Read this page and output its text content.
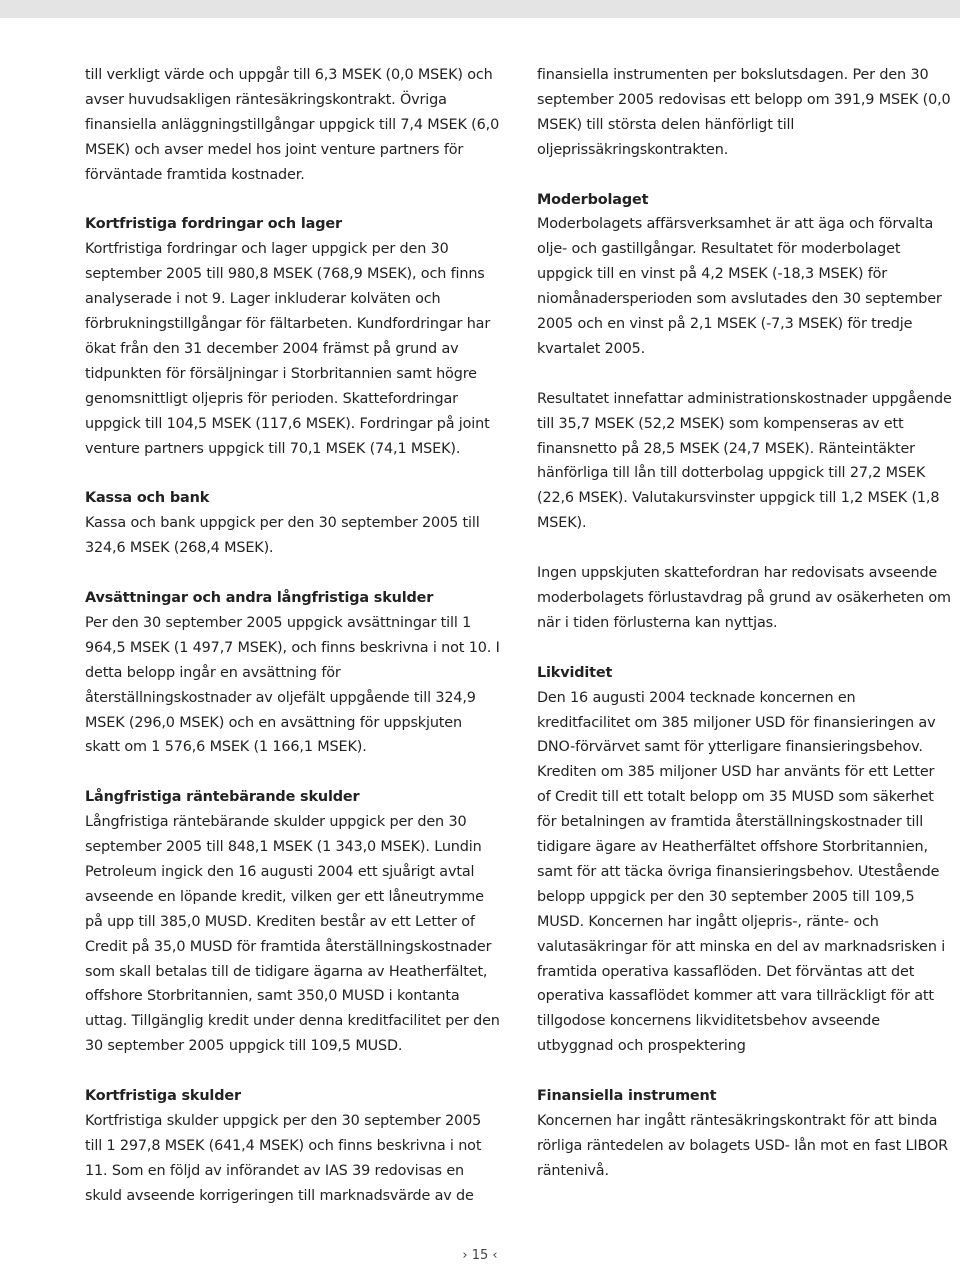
till verkligt värde och uppgår till 6,3 MSEK (0,0 MSEK) och avser huvudsakligen räntesäkringskontrakt. Övriga finansiella anläggningstillgångar uppgick till 7,4 MSEK (6,0 MSEK) och avser medel hos joint venture partners för förväntade framtida kostnader.

Kortfristiga fordringar och lager

Kortfristiga fordringar och lager uppgick per den 30 september 2005 till 980,8 MSEK (768,9 MSEK), och finns analyserade i not 9. Lager inkluderar kolväten och förbrukningstillgångar för fältarbeten. Kundfordringar har ökat från den 31 december 2004 främst på grund av tidpunkten för försäljningar i Storbritannien samt högre genomsnittligt oljepris för perioden. Skattefordringar uppgick till 104,5 MSEK (117,6 MSEK). Fordringar på joint venture partners uppgick till 70,1 MSEK (74,1 MSEK).

Kassa och bank

Kassa och bank uppgick per den 30 september 2005 till 324,6 MSEK (268,4 MSEK).

Avsättningar och andra långfristiga skulder

Per den 30 september 2005 uppgick avsättningar till 1 964,5 MSEK (1 497,7 MSEK), och finns beskrivna i not 10. I detta belopp ingår en avsättning för återställningskostnader av oljefält uppgående till 324,9 MSEK (296,0 MSEK) och en avsättning för uppskjuten skatt om 1 576,6 MSEK (1 166,1 MSEK).

Långfristiga räntebärande skulder

Långfristiga räntebärande skulder uppgick per den 30 september 2005 till 848,1 MSEK (1 343,0 MSEK). Lundin Petroleum ingick den 16 augusti 2004 ett sjuårigt avtal avseende en löpande kredit, vilken ger ett låneutrymme på upp till 385,0 MUSD. Krediten består av ett Letter of Credit på 35,0 MUSD för framtida återställningskostnader som skall betalas till de tidigare ägarna av Heatherfältet, offshore Storbritannien, samt 350,0 MUSD i kontanta uttag. Tillgänglig kredit under denna kreditfacilitet per den 30 september 2005 uppgick till 109,5 MUSD.

Kortfristiga skulder

Kortfristiga skulder uppgick per den 30 september 2005 till 1 297,8 MSEK (641,4 MSEK) och finns beskrivna i not 11. Som en följd av införandet av IAS 39 redovisas en skuld avseende korrigeringen till marknadsvärde av de

finansiella instrumenten per bokslutsdagen. Per den 30 september 2005 redovisas ett belopp om 391,9 MSEK (0,0 MSEK) till största delen hänförligt till oljeprissäkringskontrakten.

Moderbolaget

Moderbolagets affärsverksamhet är att äga och förvalta olje- och gastillgångar. Resultatet för moderbolaget uppgick till en vinst på 4,2 MSEK (-18,3 MSEK) för niomånadersperioden som avslutades den 30 september 2005 och en vinst på 2,1 MSEK (-7,3 MSEK) för tredje kvartalet 2005.

Resultatet innefattar administrationskostnader uppgående till 35,7 MSEK (52,2 MSEK) som kompenseras av ett finansnetto på 28,5 MSEK (24,7 MSEK). Ränteintäkter hänförliga till lån till dotterbolag uppgick till 27,2 MSEK (22,6 MSEK). Valutakursvinster uppgick till 1,2 MSEK (1,8 MSEK).

Ingen uppskjuten skattefordran har redovisats avseende moderbolagets förlustavdrag på grund av osäkerheten om när i tiden förlusterna kan nyttjas.

Likviditet

Den 16 augusti 2004 tecknade koncernen en kreditfacilitet om 385 miljoner USD för finansieringen av DNO-förvärvet samt för ytterligare finansieringsbehov. Krediten om 385 miljoner USD har använts för ett Letter of Credit till ett totalt belopp om 35 MUSD som säkerhet för betalningen av framtida återställningskostnader till tidigare ägare av Heatherfältet offshore Storbritannien, samt för att täcka övriga finansieringsbehov. Utestående belopp uppgick per den 30 september 2005 till 109,5 MUSD. Koncernen har ingått oljepris-, ränte- och valutasäkringar för att minska en del av marknadsrisken i framtida operativa kassaflöden. Det förväntas att det operativa kassaflödet kommer att vara tillräckligt för att tillgodose koncernens likviditetsbehov avseende utbyggnad och prospektering

Finansiella instrument

Koncernen har ingått räntesäkringskontrakt för att binda rörliga räntedelen av bolagets USD- lån mot en fast LIBOR räntenivå.

› 15 ‹
